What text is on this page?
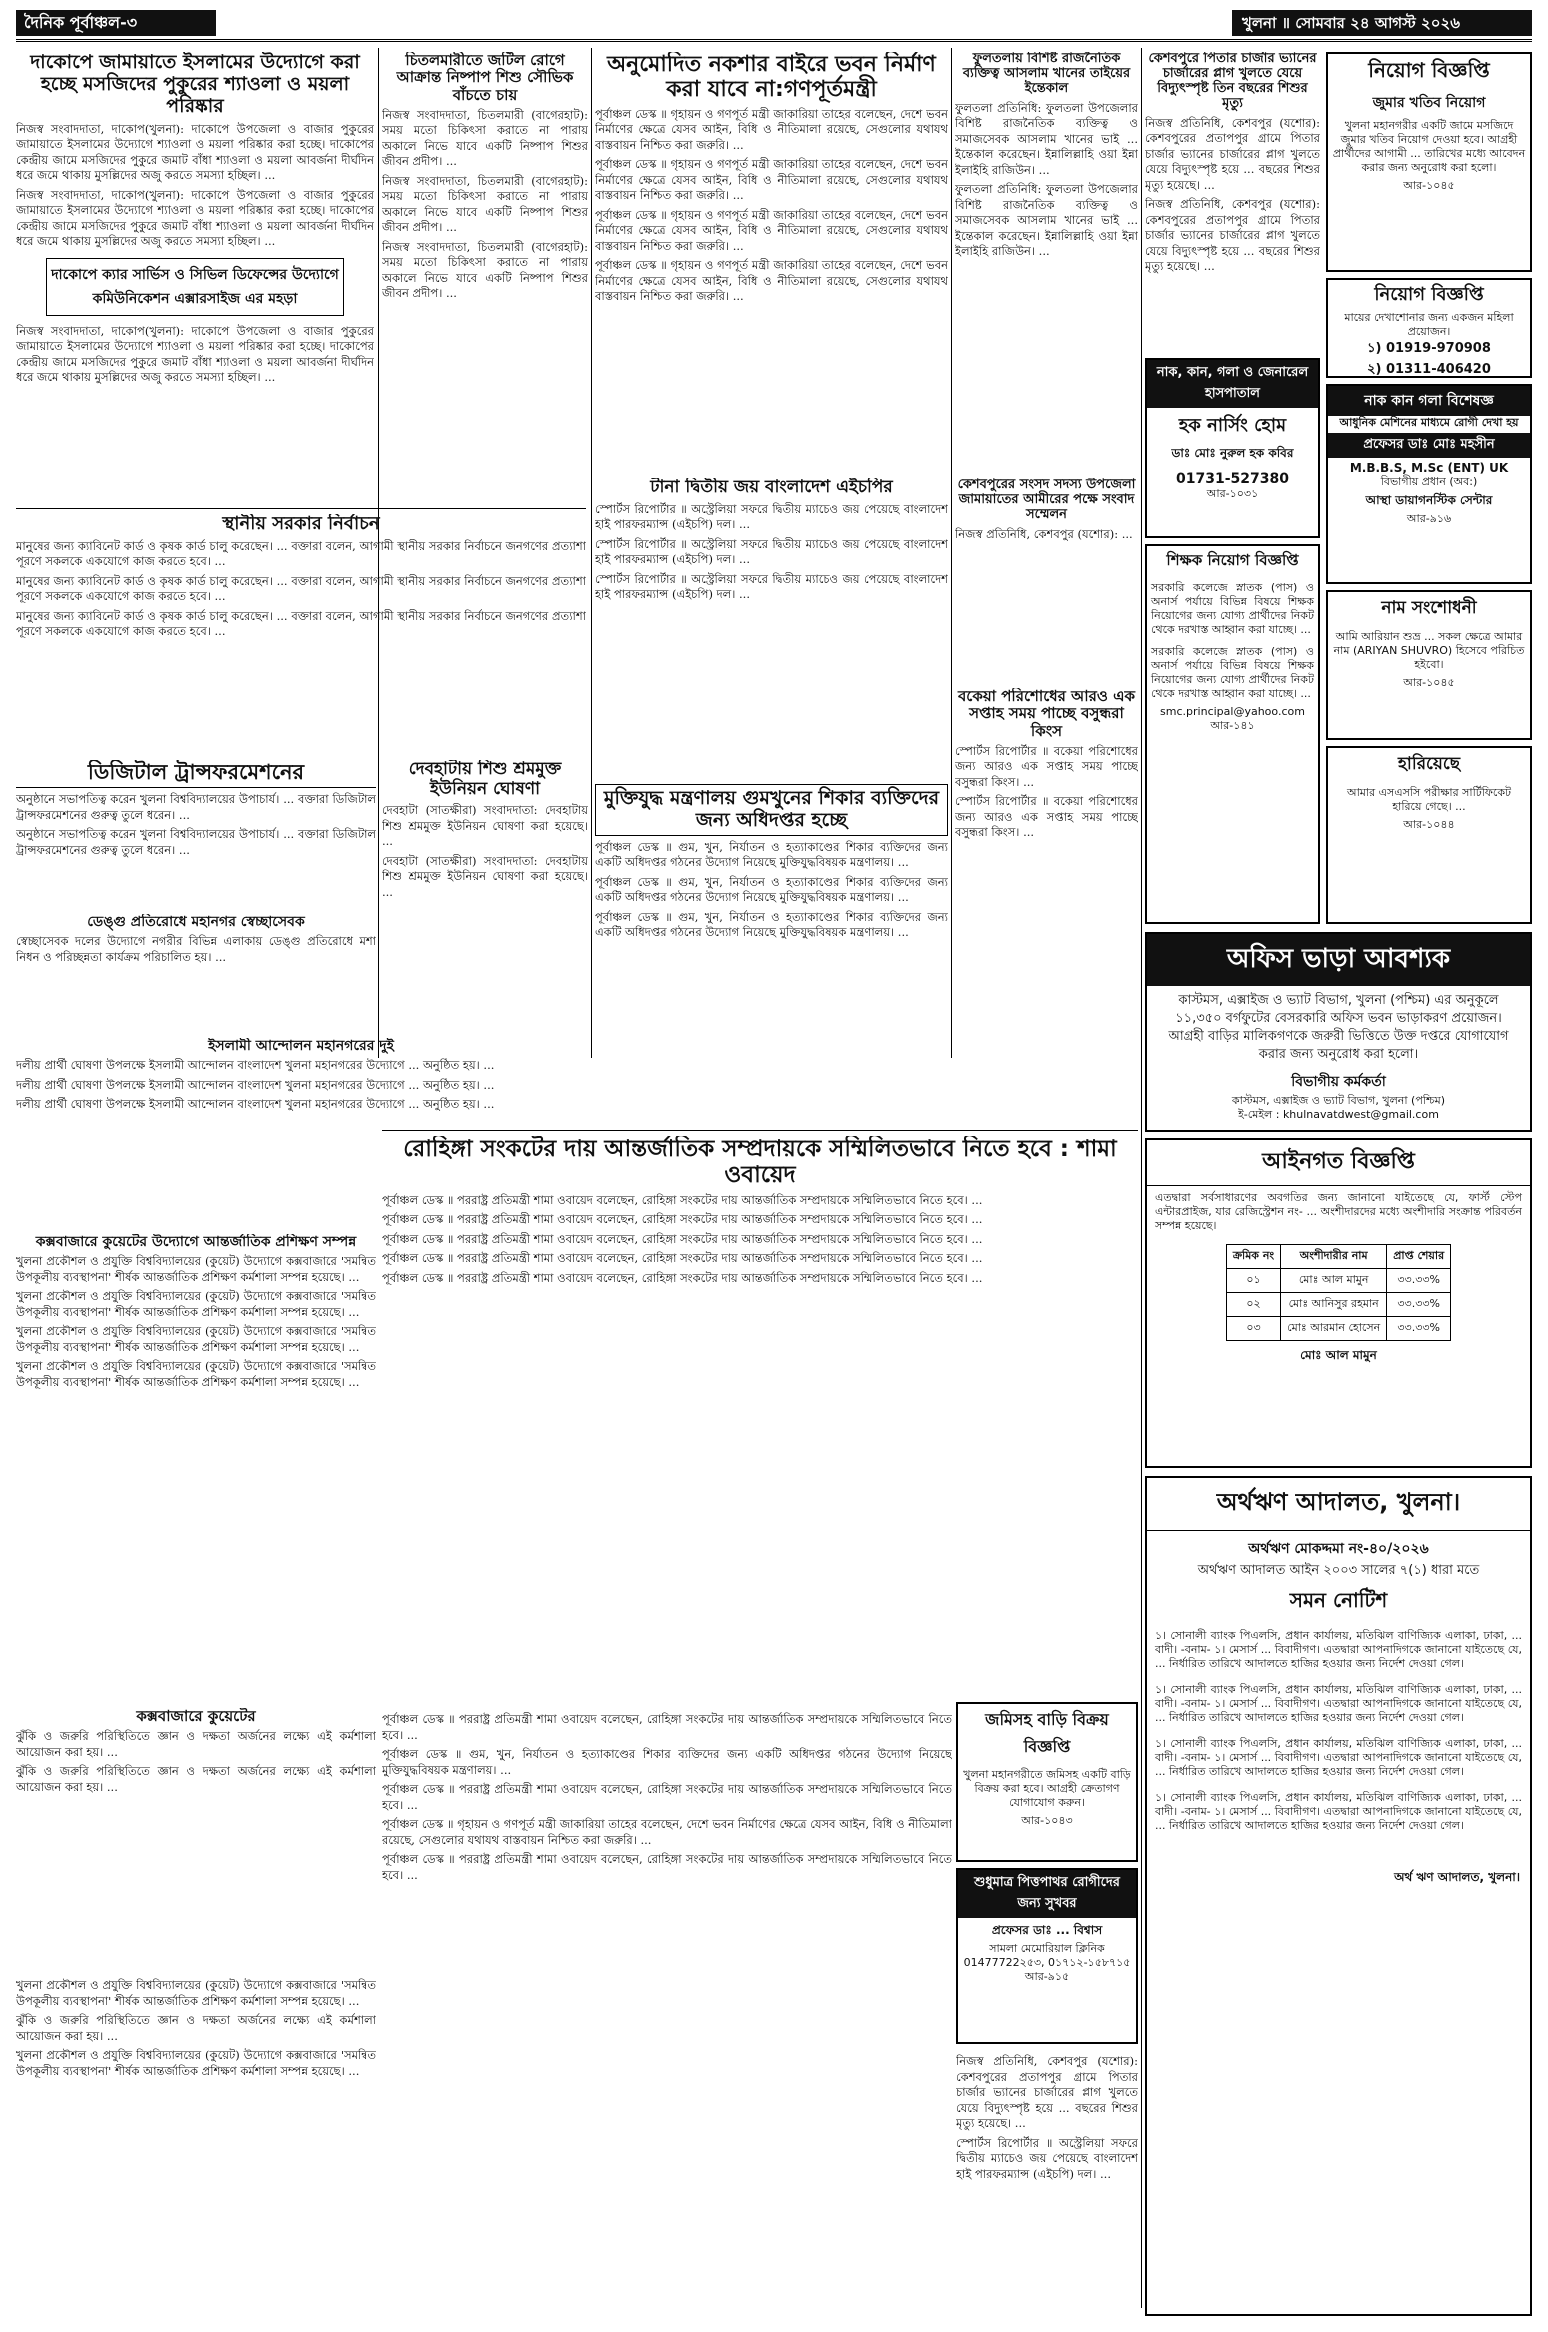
দৈনিক পূর্বাঞ্চল-৩	খুলনা ॥ সোমবার ২৪ আগস্ট ২০২৬
দাকোপে জামায়াতে ইসলামের উদ্যোগে করা হচ্ছে মসজিদের পুকুরের শ্যাওলা ও ময়লা পরিষ্কার

নিজস্ব সংবাদদাতা, দাকোপ(খুলনা): দাকোপে উপজেলা ও বাজার পুকুরের জামায়াতে ইসলামের উদ্যোগে শ্যাওলা ও ময়লা পরিষ্কার করা হচ্ছে। দাকোপের কেন্দ্রীয় জামে মসজিদের পুকুরে জমাট বাঁধা শ্যাওলা ও ময়লা আবর্জনা দীর্ঘদিন ধরে জমে থাকায় মুসল্লিদের অজু করতে সমস্যা হচ্ছিল। ...

নিজস্ব সংবাদদাতা, দাকোপ(খুলনা): দাকোপে উপজেলা ও বাজার পুকুরের জামায়াতে ইসলামের উদ্যোগে শ্যাওলা ও ময়লা পরিষ্কার করা হচ্ছে। দাকোপের কেন্দ্রীয় জামে মসজিদের পুকুরে জমাট বাঁধা শ্যাওলা ও ময়লা আবর্জনা দীর্ঘদিন ধরে জমে থাকায় মুসল্লিদের অজু করতে সমস্যা হচ্ছিল। ...

দাকোপে ক্যার সার্ভিস ও সিভিল ডিফেন্সের উদ্যোগে কমিউনিকেশন এক্সারসাইজ এর মহড়া

নিজস্ব সংবাদদাতা, দাকোপ(খুলনা): দাকোপে উপজেলা ও বাজার পুকুরের জামায়াতে ইসলামের উদ্যোগে শ্যাওলা ও ময়লা পরিষ্কার করা হচ্ছে। দাকোপের কেন্দ্রীয় জামে মসজিদের পুকুরে জমাট বাঁধা শ্যাওলা ও ময়লা আবর্জনা দীর্ঘদিন ধরে জমে থাকায় মুসল্লিদের অজু করতে সমস্যা হচ্ছিল। ...

চিতলমারীতে জটিল রোগে আক্রান্ত নিষ্পাপ শিশু সৌভিক বাঁচতে চায়

নিজস্ব সংবাদদাতা, চিতলমারী (বাগেরহাট): সময় মতো চিকিৎসা করাতে না পারায় অকালে নিভে যাবে একটি নিষ্পাপ শিশুর জীবন প্রদীপ। ...

নিজস্ব সংবাদদাতা, চিতলমারী (বাগেরহাট): সময় মতো চিকিৎসা করাতে না পারায় অকালে নিভে যাবে একটি নিষ্পাপ শিশুর জীবন প্রদীপ। ...

নিজস্ব সংবাদদাতা, চিতলমারী (বাগেরহাট): সময় মতো চিকিৎসা করাতে না পারায় অকালে নিভে যাবে একটি নিষ্পাপ শিশুর জীবন প্রদীপ। ...

স্থানীয় সরকার নির্বাচন

মানুষের জন্য ক্যাবিনেট কার্ড ও কৃষক কার্ড চালু করেছেন। ... বক্তারা বলেন, আগামী স্থানীয় সরকার নির্বাচনে জনগণের প্রত্যাশা পূরণে সকলকে একযোগে কাজ করতে হবে। ...

মানুষের জন্য ক্যাবিনেট কার্ড ও কৃষক কার্ড চালু করেছেন। ... বক্তারা বলেন, আগামী স্থানীয় সরকার নির্বাচনে জনগণের প্রত্যাশা পূরণে সকলকে একযোগে কাজ করতে হবে। ...

মানুষের জন্য ক্যাবিনেট কার্ড ও কৃষক কার্ড চালু করেছেন। ... বক্তারা বলেন, আগামী স্থানীয় সরকার নির্বাচনে জনগণের প্রত্যাশা পূরণে সকলকে একযোগে কাজ করতে হবে। ...

ডিজিটাল ট্রান্সফরমেশনের

অনুষ্ঠানে সভাপতিত্ব করেন খুলনা বিশ্ববিদ্যালয়ের উপাচার্য। ... বক্তারা ডিজিটাল ট্রান্সফরমেশনের গুরুত্ব তুলে ধরেন। ...

অনুষ্ঠানে সভাপতিত্ব করেন খুলনা বিশ্ববিদ্যালয়ের উপাচার্য। ... বক্তারা ডিজিটাল ট্রান্সফরমেশনের গুরুত্ব তুলে ধরেন। ...

দেবহাটায় শিশু শ্রমমুক্ত ইউনিয়ন ঘোষণা

দেবহাটা (সাতক্ষীরা) সংবাদদাতা: দেবহাটায় শিশু শ্রমমুক্ত ইউনিয়ন ঘোষণা করা হয়েছে। ...

দেবহাটা (সাতক্ষীরা) সংবাদদাতা: দেবহাটায় শিশু শ্রমমুক্ত ইউনিয়ন ঘোষণা করা হয়েছে। ...

ডেঙ্গু প্রতিরোধে মহানগর স্বেচ্ছাসেবক

স্বেচ্ছাসেবক দলের উদ্যোগে নগরীর বিভিন্ন এলাকায় ডেঙ্গু প্রতিরোধে মশা নিধন ও পরিচ্ছন্নতা কার্যক্রম পরিচালিত হয়। ...

ইসলামী আন্দোলন মহানগরের দুই

দলীয় প্রার্থী ঘোষণা উপলক্ষে ইসলামী আন্দোলন বাংলাদেশ খুলনা মহানগরের উদ্যোগে ... অনুষ্ঠিত হয়। ...

দলীয় প্রার্থী ঘোষণা উপলক্ষে ইসলামী আন্দোলন বাংলাদেশ খুলনা মহানগরের উদ্যোগে ... অনুষ্ঠিত হয়। ...

দলীয় প্রার্থী ঘোষণা উপলক্ষে ইসলামী আন্দোলন বাংলাদেশ খুলনা মহানগরের উদ্যোগে ... অনুষ্ঠিত হয়। ...

অনুমোদিত নকশার বাইরে ভবন নির্মাণ করা যাবে না:গণপূর্তমন্ত্রী

পূর্বাঞ্চল ডেস্ক ॥ গৃহায়ন ও গণপূর্ত মন্ত্রী জাকারিয়া তাহের বলেছেন, দেশে ভবন নির্মাণের ক্ষেত্রে যেসব আইন, বিধি ও নীতিমালা রয়েছে, সেগুলোর যথাযথ বাস্তবায়ন নিশ্চিত করা জরুরি। ...

পূর্বাঞ্চল ডেস্ক ॥ গৃহায়ন ও গণপূর্ত মন্ত্রী জাকারিয়া তাহের বলেছেন, দেশে ভবন নির্মাণের ক্ষেত্রে যেসব আইন, বিধি ও নীতিমালা রয়েছে, সেগুলোর যথাযথ বাস্তবায়ন নিশ্চিত করা জরুরি। ...

পূর্বাঞ্চল ডেস্ক ॥ গৃহায়ন ও গণপূর্ত মন্ত্রী জাকারিয়া তাহের বলেছেন, দেশে ভবন নির্মাণের ক্ষেত্রে যেসব আইন, বিধি ও নীতিমালা রয়েছে, সেগুলোর যথাযথ বাস্তবায়ন নিশ্চিত করা জরুরি। ...

পূর্বাঞ্চল ডেস্ক ॥ গৃহায়ন ও গণপূর্ত মন্ত্রী জাকারিয়া তাহের বলেছেন, দেশে ভবন নির্মাণের ক্ষেত্রে যেসব আইন, বিধি ও নীতিমালা রয়েছে, সেগুলোর যথাযথ বাস্তবায়ন নিশ্চিত করা জরুরি। ...

টানা দ্বিতীয় জয় বাংলাদেশ এইচপির

স্পোর্টস রিপোর্টার ॥ অস্ট্রেলিয়া সফরে দ্বিতীয় ম্যাচেও জয় পেয়েছে বাংলাদেশ হাই পারফরম্যান্স (এইচপি) দল। ...

স্পোর্টস রিপোর্টার ॥ অস্ট্রেলিয়া সফরে দ্বিতীয় ম্যাচেও জয় পেয়েছে বাংলাদেশ হাই পারফরম্যান্স (এইচপি) দল। ...

স্পোর্টস রিপোর্টার ॥ অস্ট্রেলিয়া সফরে দ্বিতীয় ম্যাচেও জয় পেয়েছে বাংলাদেশ হাই পারফরম্যান্স (এইচপি) দল। ...

মুক্তিযুদ্ধ মন্ত্রণালয় গুমখুনের শিকার ব্যক্তিদের জন্য অধিদপ্তর হচ্ছে

পূর্বাঞ্চল ডেস্ক ॥ গুম, খুন, নির্যাতন ও হত্যাকাণ্ডের শিকার ব্যক্তিদের জন্য একটি অধিদপ্তর গঠনের উদ্যোগ নিয়েছে মুক্তিযুদ্ধবিষয়ক মন্ত্রণালয়। ...

পূর্বাঞ্চল ডেস্ক ॥ গুম, খুন, নির্যাতন ও হত্যাকাণ্ডের শিকার ব্যক্তিদের জন্য একটি অধিদপ্তর গঠনের উদ্যোগ নিয়েছে মুক্তিযুদ্ধবিষয়ক মন্ত্রণালয়। ...

পূর্বাঞ্চল ডেস্ক ॥ গুম, খুন, নির্যাতন ও হত্যাকাণ্ডের শিকার ব্যক্তিদের জন্য একটি অধিদপ্তর গঠনের উদ্যোগ নিয়েছে মুক্তিযুদ্ধবিষয়ক মন্ত্রণালয়। ...

ফুলতলায় বিশিষ্ট রাজনৈতিক ব্যক্তিত্ব আসলাম খানের তাইয়ের ইন্তেকাল

ফুলতলা প্রতিনিধি: ফুলতলা উপজেলার বিশিষ্ট রাজনৈতিক ব্যক্তিত্ব ও সমাজসেবক আসলাম খানের ভাই ... ইন্তেকাল করেছেন। ইন্নালিল্লাহি ওয়া ইন্না ইলাইহি রাজিউন। ...

ফুলতলা প্রতিনিধি: ফুলতলা উপজেলার বিশিষ্ট রাজনৈতিক ব্যক্তিত্ব ও সমাজসেবক আসলাম খানের ভাই ... ইন্তেকাল করেছেন। ইন্নালিল্লাহি ওয়া ইন্না ইলাইহি রাজিউন। ...

কেশবপুরের সংসদ সদস্য উপজেলা জামায়াতের আমীরের পক্ষে সংবাদ সম্মেলন

নিজস্ব প্রতিনিধি, কেশবপুর (যশোর): ...

বকেয়া পরিশোধের আরও এক সপ্তাহ সময় পাচ্ছে বসুন্ধরা কিংস

স্পোর্টস রিপোর্টার ॥ বকেয়া পরিশোধের জন্য আরও এক সপ্তাহ সময় পাচ্ছে বসুন্ধরা কিংস। ...

স্পোর্টস রিপোর্টার ॥ বকেয়া পরিশোধের জন্য আরও এক সপ্তাহ সময় পাচ্ছে বসুন্ধরা কিংস। ...

কেশবপুরে পিতার চার্জার ভ্যানের চার্জারের প্লাগ খুলতে যেয়ে বিদ্যুৎস্পৃষ্ট তিন বছরের শিশুর মৃত্যু

নিজস্ব প্রতিনিধি, কেশবপুর (যশোর): কেশবপুরের প্রতাপপুর গ্রামে পিতার চার্জার ভ্যানের চার্জারের প্লাগ খুলতে যেয়ে বিদ্যুৎস্পৃষ্ট হয়ে ... বছরের শিশুর মৃত্যু হয়েছে। ...

নিজস্ব প্রতিনিধি, কেশবপুর (যশোর): কেশবপুরের প্রতাপপুর গ্রামে পিতার চার্জার ভ্যানের চার্জারের প্লাগ খুলতে যেয়ে বিদ্যুৎস্পৃষ্ট হয়ে ... বছরের শিশুর মৃত্যু হয়েছে। ...

নিয়োগ বিজ্ঞপ্তি
জুমার খতিব নিয়োগ
খুলনা মহানগরীর একটি জামে মসজিদে জুমার খতিব নিয়োগ দেওয়া হবে। আগ্রহী প্রার্থীদের আগামী ... তারিখের মধ্যে আবেদন করার জন্য অনুরোধ করা হলো।
আর-১০৪৫
নিয়োগ বিজ্ঞপ্তি
মায়ের দেখাশোনার জন্য একজন মহিলা প্রয়োজন।
১) 01919-970908
২) 01311-406420
নাক, কান, গলা ও জেনারেল হাসপাতাল
হক নার্সিং হোম
ডাঃ মোঃ নুরুল হক কবির
01731-527380
আর-১০৩১
নাক কান গলা বিশেষজ্ঞ
আধুনিক মেশিনের মাধ্যমে রোগী দেখা হয়
প্রফেসর ডাঃ মোঃ মহসীন
M.B.B.S, M.Sc (ENT) UK
বিভাগীয় প্রধান (অব:)
আস্থা ডায়াগনস্টিক সেন্টার
আর-৯১৬
শিক্ষক নিয়োগ বিজ্ঞপ্তি
সরকারি কলেজে স্নাতক (পাস) ও অনার্স পর্যায়ে বিভিন্ন বিষয়ে শিক্ষক নিয়োগের জন্য যোগ্য প্রার্থীদের নিকট থেকে দরখাস্ত আহ্বান করা যাচ্ছে। ...
সরকারি কলেজে স্নাতক (পাস) ও অনার্স পর্যায়ে বিভিন্ন বিষয়ে শিক্ষক নিয়োগের জন্য যোগ্য প্রার্থীদের নিকট থেকে দরখাস্ত আহ্বান করা যাচ্ছে। ...
smc.principal@yahoo.com
আর-১৪১
নাম সংশোধনী
আমি আরিয়ান শুভ্র ... সকল ক্ষেত্রে আমার নাম (ARIYAN SHUVRO) হিসেবে পরিচিত হইবো।
আর-১০৪৫
হারিয়েছে
আমার এসএসসি পরীক্ষার সার্টিফিকেট হারিয়ে গেছে। ...
আর-১০৪৪
অফিস ভাড়া আবশ্যক
কাস্টমস, এক্সাইজ ও ভ্যাট বিভাগ, খুলনা (পশ্চিম) এর অনুকূলে ১১,৩৫০ বর্গফুটের বেসরকারি অফিস ভবন ভাড়াকরণ প্রয়োজন। আগ্রহী বাড়ির মালিকগণকে জরুরী ভিত্তিতে উক্ত দপ্তরে যোগাযোগ করার জন্য অনুরোধ করা হলো।
বিভাগীয় কর্মকর্তা
কাস্টমস, এক্সাইজ ও ভ্যাট বিভাগ, খুলনা (পশ্চিম)
ই-মেইল : khulnavatdwest@gmail.com
রোহিঙ্গা সংকটের দায় আন্তর্জাতিক সম্প্রদায়কে সম্মিলিতভাবে নিতে হবে : শামা ওবায়েদ

পূর্বাঞ্চল ডেস্ক ॥ পররাষ্ট্র প্রতিমন্ত্রী শামা ওবায়েদ বলেছেন, রোহিঙ্গা সংকটের দায় আন্তর্জাতিক সম্প্রদায়কে সম্মিলিতভাবে নিতে হবে। ...

পূর্বাঞ্চল ডেস্ক ॥ পররাষ্ট্র প্রতিমন্ত্রী শামা ওবায়েদ বলেছেন, রোহিঙ্গা সংকটের দায় আন্তর্জাতিক সম্প্রদায়কে সম্মিলিতভাবে নিতে হবে। ...

পূর্বাঞ্চল ডেস্ক ॥ পররাষ্ট্র প্রতিমন্ত্রী শামা ওবায়েদ বলেছেন, রোহিঙ্গা সংকটের দায় আন্তর্জাতিক সম্প্রদায়কে সম্মিলিতভাবে নিতে হবে। ...

পূর্বাঞ্চল ডেস্ক ॥ পররাষ্ট্র প্রতিমন্ত্রী শামা ওবায়েদ বলেছেন, রোহিঙ্গা সংকটের দায় আন্তর্জাতিক সম্প্রদায়কে সম্মিলিতভাবে নিতে হবে। ...

পূর্বাঞ্চল ডেস্ক ॥ পররাষ্ট্র প্রতিমন্ত্রী শামা ওবায়েদ বলেছেন, রোহিঙ্গা সংকটের দায় আন্তর্জাতিক সম্প্রদায়কে সম্মিলিতভাবে নিতে হবে। ...

কক্সবাজারে কুয়েটের উদ্যোগে আন্তর্জাতিক প্রশিক্ষণ সম্পন্ন

খুলনা প্রকৌশল ও প্রযুক্তি বিশ্ববিদ্যালয়ের (কুয়েট) উদ্যোগে কক্সবাজারে 'সমন্বিত উপকূলীয় ব্যবস্থাপনা' শীর্ষক আন্তর্জাতিক প্রশিক্ষণ কর্মশালা সম্পন্ন হয়েছে। ...

খুলনা প্রকৌশল ও প্রযুক্তি বিশ্ববিদ্যালয়ের (কুয়েট) উদ্যোগে কক্সবাজারে 'সমন্বিত উপকূলীয় ব্যবস্থাপনা' শীর্ষক আন্তর্জাতিক প্রশিক্ষণ কর্মশালা সম্পন্ন হয়েছে। ...

খুলনা প্রকৌশল ও প্রযুক্তি বিশ্ববিদ্যালয়ের (কুয়েট) উদ্যোগে কক্সবাজারে 'সমন্বিত উপকূলীয় ব্যবস্থাপনা' শীর্ষক আন্তর্জাতিক প্রশিক্ষণ কর্মশালা সম্পন্ন হয়েছে। ...

খুলনা প্রকৌশল ও প্রযুক্তি বিশ্ববিদ্যালয়ের (কুয়েট) উদ্যোগে কক্সবাজারে 'সমন্বিত উপকূলীয় ব্যবস্থাপনা' শীর্ষক আন্তর্জাতিক প্রশিক্ষণ কর্মশালা সম্পন্ন হয়েছে। ...

কক্সবাজারে কুয়েটের

ঝুঁকি ও জরুরি পরিস্থিতিতে জ্ঞান ও দক্ষতা অর্জনের লক্ষ্যে এই কর্মশালা আয়োজন করা হয়। ...

ঝুঁকি ও জরুরি পরিস্থিতিতে জ্ঞান ও দক্ষতা অর্জনের লক্ষ্যে এই কর্মশালা আয়োজন করা হয়। ...

জমিসহ বাড়ি বিক্রয় বিজ্ঞপ্তি
খুলনা মহানগরীতে জমিসহ একটি বাড়ি বিক্রয় করা হবে। আগ্রহী ক্রেতাগণ যোগাযোগ করুন।
আর-১০৪৩
শুধুমাত্র পিত্তপাথর রোগীদের জন্য সুখবর
প্রফেসর ডাঃ ... বিশ্বাস
সামলা মেমোরিয়াল ক্লিনিক
01477722২৫৩, 0১৭১২-১৫৮৭১৫
আর-৯১৫
আইনগত বিজ্ঞপ্তি
এতদ্বারা সর্বসাধারণের অবগতির জন্য জানানো যাইতেছে যে, ফার্স্ট স্টেপ এন্টারপ্রাইজ, যার রেজিস্ট্রেশন নং- ... অংশীদারদের মধ্যে অংশীদারি সংক্রান্ত পরিবর্তন সম্পন্ন হয়েছে।
ক্রমিক নং	অংশীদারীর নাম	প্রাপ্ত শেয়ার
০১	মোঃ আল মামুন	৩৩.৩৩%
০২	মোঃ আনিসুর রহমান	৩৩.৩৩%
০৩	মোঃ আরমান হোসেন	৩৩.৩৩%
মোঃ আল মামুন
অর্থঋণ আদালত, খুলনা।
অর্থঋণ মোকদ্দমা নং-৪০/২০২৬
অর্থঋণ আদালত আইন ২০০৩ সালের ৭(১) ধারা মতে
সমন নোটিশ
১। সোনালী ব্যাংক পিএলসি, প্রধান কার্যালয়, মতিঝিল বাণিজ্যিক এলাকা, ঢাকা, ... বাদী। -বনাম- ১। মেসার্স ... বিবাদীগণ। এতদ্বারা আপনাদিগকে জানানো যাইতেছে যে, ... নির্ধারিত তারিখে আদালতে হাজির হওয়ার জন্য নির্দেশ দেওয়া গেল।
১। সোনালী ব্যাংক পিএলসি, প্রধান কার্যালয়, মতিঝিল বাণিজ্যিক এলাকা, ঢাকা, ... বাদী। -বনাম- ১। মেসার্স ... বিবাদীগণ। এতদ্বারা আপনাদিগকে জানানো যাইতেছে যে, ... নির্ধারিত তারিখে আদালতে হাজির হওয়ার জন্য নির্দেশ দেওয়া গেল।
১। সোনালী ব্যাংক পিএলসি, প্রধান কার্যালয়, মতিঝিল বাণিজ্যিক এলাকা, ঢাকা, ... বাদী। -বনাম- ১। মেসার্স ... বিবাদীগণ। এতদ্বারা আপনাদিগকে জানানো যাইতেছে যে, ... নির্ধারিত তারিখে আদালতে হাজির হওয়ার জন্য নির্দেশ দেওয়া গেল।
১। সোনালী ব্যাংক পিএলসি, প্রধান কার্যালয়, মতিঝিল বাণিজ্যিক এলাকা, ঢাকা, ... বাদী। -বনাম- ১। মেসার্স ... বিবাদীগণ। এতদ্বারা আপনাদিগকে জানানো যাইতেছে যে, ... নির্ধারিত তারিখে আদালতে হাজির হওয়ার জন্য নির্দেশ দেওয়া গেল।
অর্থ ঋণ আদালত, খুলনা।

পূর্বাঞ্চল ডেস্ক ॥ পররাষ্ট্র প্রতিমন্ত্রী শামা ওবায়েদ বলেছেন, রোহিঙ্গা সংকটের দায় আন্তর্জাতিক সম্প্রদায়কে সম্মিলিতভাবে নিতে হবে। ...

পূর্বাঞ্চল ডেস্ক ॥ গুম, খুন, নির্যাতন ও হত্যাকাণ্ডের শিকার ব্যক্তিদের জন্য একটি অধিদপ্তর গঠনের উদ্যোগ নিয়েছে মুক্তিযুদ্ধবিষয়ক মন্ত্রণালয়। ...

পূর্বাঞ্চল ডেস্ক ॥ পররাষ্ট্র প্রতিমন্ত্রী শামা ওবায়েদ বলেছেন, রোহিঙ্গা সংকটের দায় আন্তর্জাতিক সম্প্রদায়কে সম্মিলিতভাবে নিতে হবে। ...

পূর্বাঞ্চল ডেস্ক ॥ গৃহায়ন ও গণপূর্ত মন্ত্রী জাকারিয়া তাহের বলেছেন, দেশে ভবন নির্মাণের ক্ষেত্রে যেসব আইন, বিধি ও নীতিমালা রয়েছে, সেগুলোর যথাযথ বাস্তবায়ন নিশ্চিত করা জরুরি। ...

পূর্বাঞ্চল ডেস্ক ॥ পররাষ্ট্র প্রতিমন্ত্রী শামা ওবায়েদ বলেছেন, রোহিঙ্গা সংকটের দায় আন্তর্জাতিক সম্প্রদায়কে সম্মিলিতভাবে নিতে হবে। ...

খুলনা প্রকৌশল ও প্রযুক্তি বিশ্ববিদ্যালয়ের (কুয়েট) উদ্যোগে কক্সবাজারে 'সমন্বিত উপকূলীয় ব্যবস্থাপনা' শীর্ষক আন্তর্জাতিক প্রশিক্ষণ কর্মশালা সম্পন্ন হয়েছে। ...

ঝুঁকি ও জরুরি পরিস্থিতিতে জ্ঞান ও দক্ষতা অর্জনের লক্ষ্যে এই কর্মশালা আয়োজন করা হয়। ...

খুলনা প্রকৌশল ও প্রযুক্তি বিশ্ববিদ্যালয়ের (কুয়েট) উদ্যোগে কক্সবাজারে 'সমন্বিত উপকূলীয় ব্যবস্থাপনা' শীর্ষক আন্তর্জাতিক প্রশিক্ষণ কর্মশালা সম্পন্ন হয়েছে। ...

নিজস্ব প্রতিনিধি, কেশবপুর (যশোর): কেশবপুরের প্রতাপপুর গ্রামে পিতার চার্জার ভ্যানের চার্জারের প্লাগ খুলতে যেয়ে বিদ্যুৎস্পৃষ্ট হয়ে ... বছরের শিশুর মৃত্যু হয়েছে। ...

স্পোর্টস রিপোর্টার ॥ অস্ট্রেলিয়া সফরে দ্বিতীয় ম্যাচেও জয় পেয়েছে বাংলাদেশ হাই পারফরম্যান্স (এইচপি) দল। ...
